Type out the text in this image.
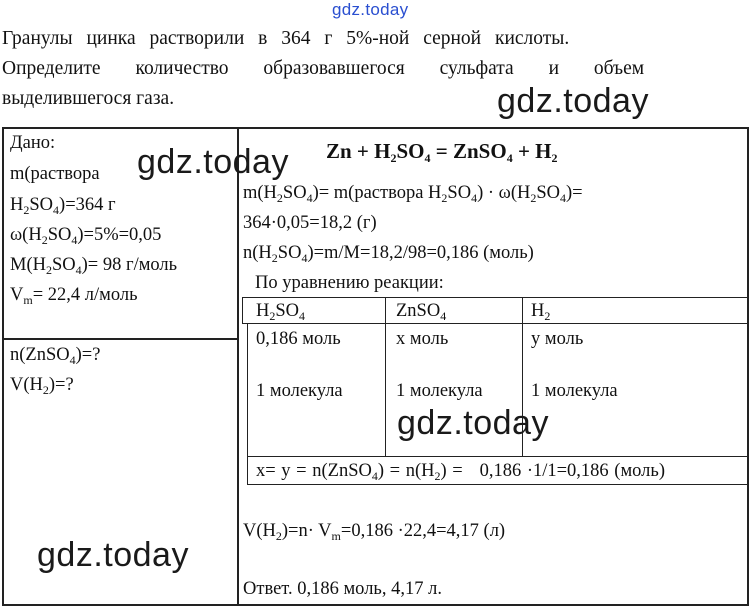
gdz.today
Гранулы цинка растворили в 364 г 5%-ной серной кислоты.
Определите количество образовавшегося сульфата и объем
выделившегося газа.	gdz.today
Дано:
m(раствора
$H_2SO_4)=364$ г
$\omega(H_2SO_4)=5\%=0,05$
$M(H_2SO_4)= 98$ г/моль
$V_m= 22,4$ л/моль
gdz.today
n(ZnSO$_4$)=?
$V(H_2)=$?
$Zn + H_2SO_4$ = ZnSO$_4$ + $H_2$
$m(H_2SO_4)=$ m(раствора $H_2SO_4) \cdot \omega(H_2SO_4)=$
364·0,05=18,2 (г)
$n(H_2SO_4)=m/M=18,2/98=0,186$ (моль)
По уравнению реакции:
$H_2SO_4$	ZnSO$_4$	$H_2$
0,186 моль	х моль	у моль
1 молекула	1 молекула	1 молекула
gdz.today
x= у = n(ZnSO$_4$) = $n(H_2) = 0,186 \cdot 1/1=0,186$ (моль)
$V(H_2)=n\cdot V_m=0,186 \cdot 22,4=4,17$ (л)
Ответ. 0,186 моль, 4,17 л.
gdz.today
